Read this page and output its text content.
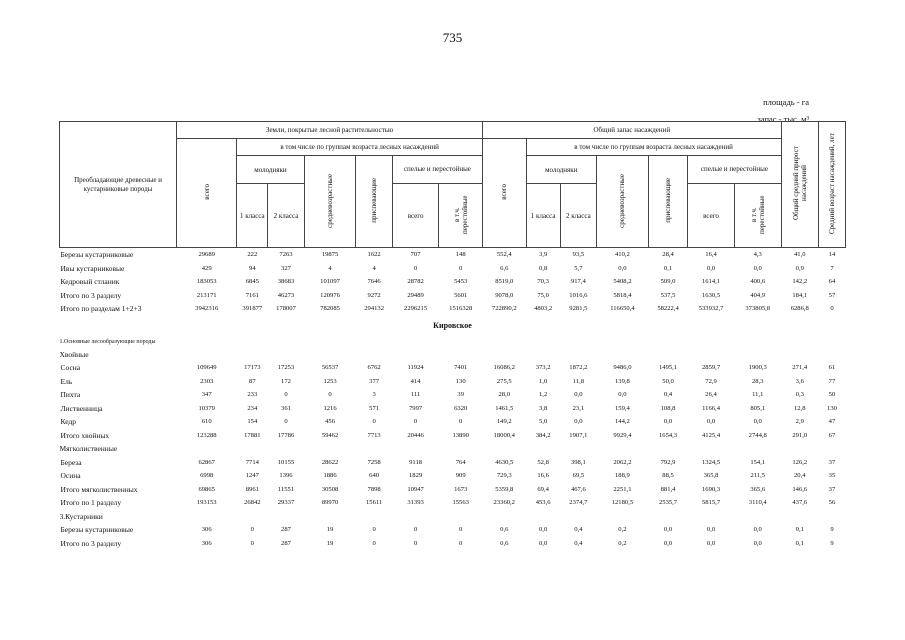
735
площадь - га
запас - тыс. м³
Преобладающие древесные и кустарниковые породы	Земли, покрытые лесной растительностью							Общий запас насаждений							Общий средний прирост насаждений	Средний возраст насаждений, лет
	всего	в том числе по группам возраста лесных насаждений						всего	в том числе по группам возраста лесных насаждений							
		молодняки		средневозрастные	приспевающие	спелые и перестойные			молодняки		средневозрастные	приспевающие	спелые и перестойные			
		1 класса	2 класса			всего	в т.ч. перестойные		1 класса	2 класса			всего	в т.ч. перестойные		
Березы кустарниковые	29689	222	7263	19875	1622	707	148	552,4	3,9	93,5	410,2	28,4	16,4	4,3	41,0	14
Ивы кустарниковые	429	94	327	4	4	0	0	6,6	0,8	5,7	0,0	0,1	0,0	0,0	0,9	7
Кедровый стланик	183053	6845	38683	101097	7646	28782	5453	8519,0	70,3	917,4	5408,2	509,0	1614,1	400,6	142,2	64
Итого по 3 разделу	213171	7161	46273	120976	9272	29489	5601	9078,0	75,0	1016,6	5818,4	537,5	1630,5	404,9	184,1	57
Итого по разделам 1+2+3	3942316	391877	178007	782085	294132	2296215	1516328	722890,2	4803,2	9281,5	116650,4	58222,4	533932,7	373805,8	6286,8	0
Кировское																
1.Основные лесообразующие породы																
Хвойные																
Сосна	109649	17173	17253	56537	6762	11924	7401	16086,2	373,2	1872,2	9486,0	1495,1	2859,7	1900,3	271,4	61
Ель	2303	87	172	1253	377	414	130	275,5	1,0	11,8	139,8	50,0	72,9	28,3	3,6	77
Пихта	347	233	0	0	3	111	39	28,0	1,2	0,0	0,0	0,4	26,4	11,1	0,3	50
Лиственница	10379	234	361	1216	571	7997	6320	1461,5	3,8	23,1	159,4	108,8	1166,4	805,1	12,8	130
Кедр	610	154	0	456	0	0	0	149,2	5,0	0,0	144,2	0,0	0,0	0,0	2,9	47
Итого хвойных	123288	17881	17786	59462	7713	20446	13890	18000,4	384,2	1907,1	9929,4	1654,3	4125,4	2744,8	291,0	67
Мягколиственные																
Береза	62867	7714	10155	28622	7258	9118	764	4630,5	52,8	398,1	2062,2	792,9	1324,5	154,1	126,2	37
Осина	6998	1247	1396	1886	640	1829	909	729,3	16,6	69,5	188,9	88,5	365,8	211,5	20,4	35
Итого мягколиственных	69865	8961	11551	30508	7898	10947	1673	5359,8	69,4	467,6	2251,1	881,4	1690,3	365,6	146,6	37
Итого по 1 разделу	193153	26842	29337	89970	15611	31393	15563	23360,2	453,6	2374,7	12180,5	2535,7	5815,7	3110,4	437,6	56
3.Кустарники																
Березы кустарниковые	306	0	287	19	0	0	0	0,6	0,0	0,4	0,2	0,0	0,0	0,0	0,1	9
Итого по 3 разделу	306	0	287	19	0	0	0	0,6	0,0	0,4	0,2	0,0	0,0	0,0	0,1	9
